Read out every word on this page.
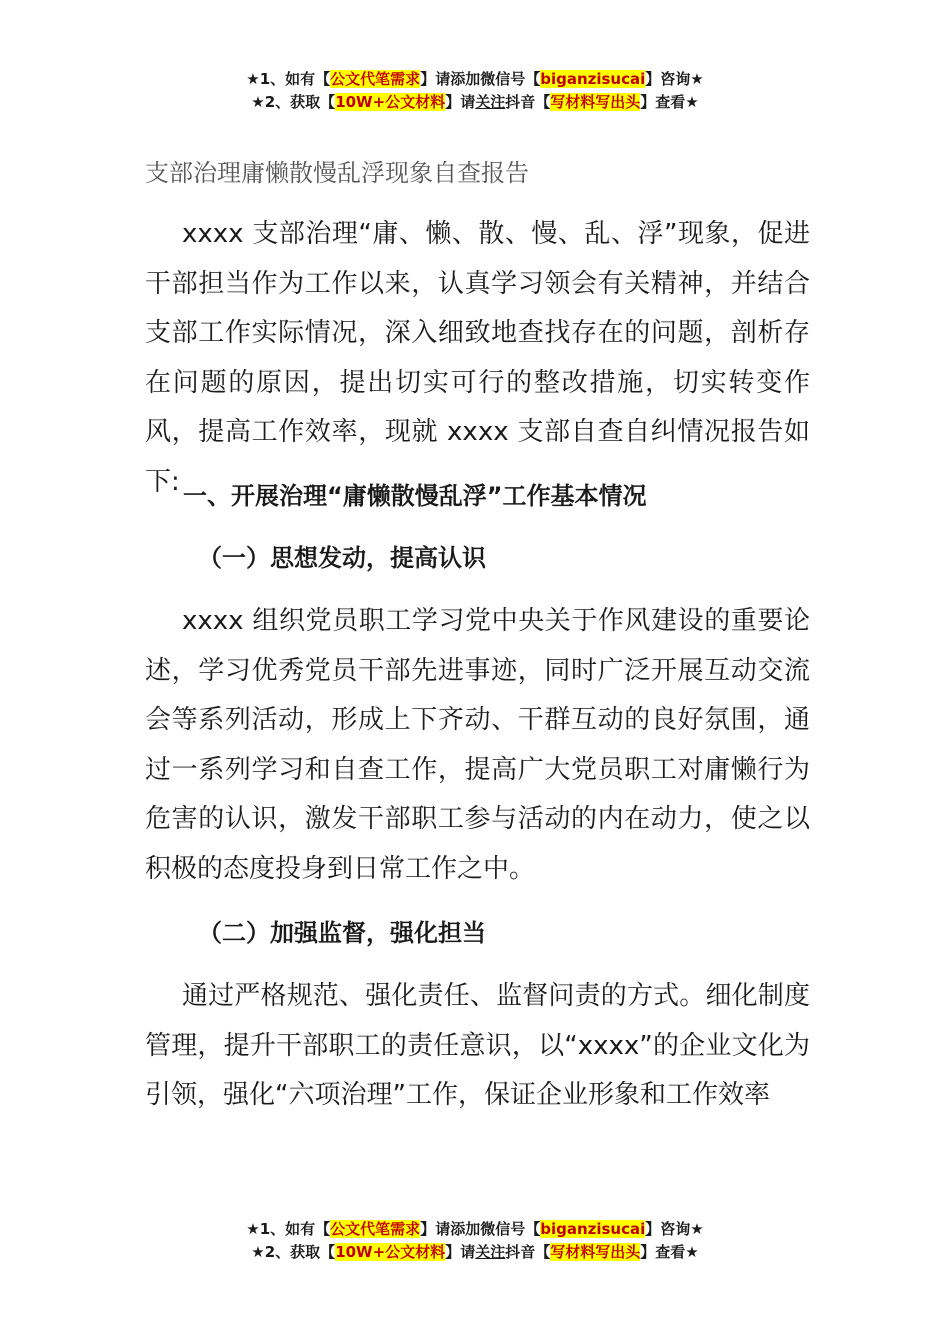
★1、如有【公文代笔需求】请添加微信号【biganzisucai】咨询★
★2、获取【10W+公文材料】请关注抖音【写材料写出头】查看★
支部治理庸懒散慢乱浮现象自查报告

xxxx 支部治理“庸、懒、散、慢、乱、浮”现象，促进干部担当作为工作以来，认真学习领会有关精神，并结合支部工作实际情况，深入细致地查找存在的问题，剖析存在问题的原因，提出切实可行的整改措施，切实转变作风，提高工作效率，现就 xxxx 支部自查自纠情况报告如下: 一、开展治理“庸懒散慢乱浮”工作基本情况
（一）思想发动，提高认识

xxxx 组织党员职工学习党中央关于作风建设的重要论述，学习优秀党员干部先进事迹，同时广泛开展互动交流会等系列活动，形成上下齐动、干群互动的良好氛围，通过一系列学习和自查工作，提高广大党员职工对庸懒行为危害的认识，激发干部职工参与活动的内在动力，使之以积极的态度投身到日常工作之中。

（二）加强监督，强化担当

通过严格规范、强化责任、监督问责的方式。细化制度管理，提升干部职工的责任意识，以“xxxx”的企业文化为引领，强化“六项治理”工作，保证企业形象和工作效率

★1、如有【公文代笔需求】请添加微信号【biganzisucai】咨询★
★2、获取【10W+公文材料】请关注抖音【写材料写出头】查看★
